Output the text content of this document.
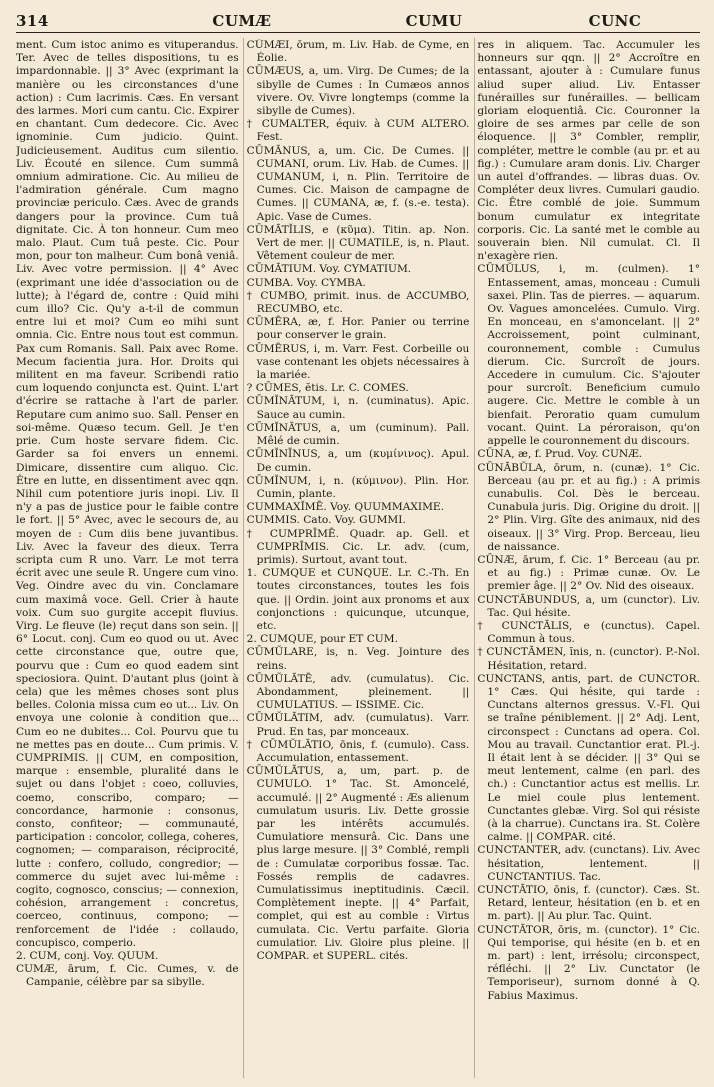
314	CUMÆ	CUMU	CUNC

ment. Cum istoc animo es vituperandus. Ter. Avec de telles dispositions, tu es impardonnable. || 3° Avec (exprimant la manière ou les circonstances d'une action) : Cum lacrimis. Cæs. En versant des larmes. Mori cum cantu. Cic. Expirer en chantant. Cum dedecore. Cic. Avec ignominie. Cum judicio. Quint. Judicieusement. Auditus cum silentio. Liv. Écouté en silence. Cum summâ omnium admiratione. Cic. Au milieu de l'admiration générale. Cum magno provinciæ periculo. Cæs. Avec de grands dangers pour la province. Cum tuâ dignitate. Cic. À ton honneur. Cum meo malo. Plaut. Cum tuâ peste. Cic. Pour mon, pour ton malheur. Cum bonâ veniâ. Liv. Avec votre permission. || 4° Avec (exprimant une idée d'association ou de lutte); à l'égard de, contre : Quid mihi cum illo? Cic. Qu'y a-t-il de commun entre lui et moi? Cum eo mihi sunt omnia. Cic. Entre nous tout est commun. Pax cum Romanis. Sall. Paix avec Rome. Mecum facientia jura. Hor. Droits qui militent en ma faveur. Scribendi ratio cum loquendo conjuncta est. Quint. L'art d'écrire se rattache à l'art de parler. Reputare cum animo suo. Sall. Penser en soi-même. Quæso tecum. Gell. Je t'en prie. Cum hoste servare fidem. Cic. Garder sa foi envers un ennemi. Dimicare, dissentire cum aliquo. Cic. Être en lutte, en dissentiment avec qqn. Nihil cum potentiore juris inopi. Liv. Il n'y a pas de justice pour le faible contre le fort. || 5° Avec, avec le secours de, au moyen de : Cum diis bene juvantibus. Liv. Avec la faveur des dieux. Terra scripta cum R uno. Varr. Le mot terra écrit avec une seule R. Ungere cum vino. Veg. Oindre avec du vin. Conclamare cum maximâ voce. Gell. Crier à haute voix. Cum suo gurgite accepit fluvius. Virg. Le fleuve (le) reçut dans son sein. || 6° Locut. conj. Cum eo quod ou ut. Avec cette circonstance que, outre que, pourvu que : Cum eo quod eadem sint speciosiora. Quint. D'autant plus (joint à cela) que les mêmes choses sont plus belles. Colonia missa cum eo ut... Liv. On envoya une colonie à condition que... Cum eo ne dubites... Col. Pourvu que tu ne mettes pas en doute... Cum primis. V. CUMPRIMIS. || CUM, en composition, marque : ensemble, pluralité dans le sujet ou dans l'objet : coeo, colluvies, coemo, conscribo, comparo; — concordance, harmonie : consonus, consto, confiteor; — communauté, participation : concolor, collega, coheres, cognomen; — comparaison, réciprocité, lutte : confero, colludo, congredior; — commerce du sujet avec lui-même : cogito, cognosco, conscius; — connexion, cohésion, arrangement : concretus, coerceo, continuus, compono; — renforcement de l'idée : collaudo, concupisco, comperio.

2. CUM, conj. Voy. QUUM.

CUMÆ, ārum, f. Cic. Cumes, v. de Campanie, célèbre par sa sibylle.

CŪMÆI, ōrum, m. Liv. Hab. de Cyme, en Éolie.

CŪMÆUS, a, um. Virg. De Cumes; de la sibylle de Cumes : In Cumæos annos vivere. Ov. Vivre longtemps (comme la sibylle de Cumes).

† CUMALTER, équiv. à CUM ALTERO. Fest.

CŪMĀNUS, a, um. Cic. De Cumes. || CUMANI, orum. Liv. Hab. de Cumes. || CUMANUM, i, n. Plin. Territoire de Cumes. Cic. Maison de campagne de Cumes. || CUMANA, æ, f. (s.-e. testa). Apic. Vase de Cumes.

CŪMĀTĬLIS, e (κῦμα). Titin. ap. Non. Vert de mer. || CUMATILE, is, n. Plaut. Vêtement couleur de mer.

CŪMĀTIUM. Voy. CYMATIUM.

CUMBA. Voy. CYMBA.

† CUMBO, primit. inus. de ACCUMBO, RECUMBO, etc.

CŪMĒRA, æ, f. Hor. Panier ou terrine pour conserver le grain.

CŪMĒRUS, i, m. Varr. Fest. Corbeille ou vase contenant les objets nécessaires à la mariée.

? CŪMES, ĕtis. Lr. C. COMES.

CŪMĬNĀTUM, i, n. (cuminatus). Apic. Sauce au cumin.

CŪMĬNĀTUS, a, um (cuminum). Pall. Mêlé de cumin.

CŪMĬNĪNUS, a, um (κυμίνινος). Apul. De cumin.

CŪMĬNUM, i, n. (κύμινον). Plin. Hor. Cumin, plante.

CUMMAXĬMĒ. Voy. QUUMMAXIME.

CUMMIS. Cato. Voy. GUMMI.

† CUMPRĪMĒ. Quadr. ap. Gell. et CUMPRĪMIS. Cic. Lr. adv. (cum, primis). Surtout, avant tout.

1. CUMQUE et CUNQUE. Lr. C.-Th. En toutes circonstances, toutes les fois que. || Ordin. joint aux pronoms et aux conjonctions : quicunque, utcunque, etc.

2. CUMQUE, pour ET CUM.

CŪMŬLARE, is, n. Veg. Jointure des reins.

CŪMŬLĀTĒ, adv. (cumulatus). Cic. Abondamment, pleinement. || CUMULATIUS. — ISSIME. Cic.

CŪMŬLĀTIM, adv. (cumulatus). Varr. Prud. En tas, par monceaux.

† CŪMŬLĀTIO, ōnis, f. (cumulo). Cass. Accumulation, entassement.

CŪMŬLĀTUS, a, um, part. p. de CUMULO. 1° Tac. St. Amoncelé, accumulé. || 2° Augmenté : Æs alienum cumulatum usuris. Liv. Dette grossie par les intérêts accumulés. Cumulatiore mensurâ. Cic. Dans une plus large mesure. || 3° Comblé, rempli de : Cumulatæ corporibus fossæ. Tac. Fossés remplis de cadavres. Cumulatissimus ineptitudinis. Cæcil. Complètement inepte. || 4° Parfait, complet, qui est au comble : Virtus cumulata. Cic. Vertu parfaite. Gloria cumulatior. Liv. Gloire plus pleine. || COMPAR. et SUPERL. cités.

res in aliquem. Tac. Accumuler les honneurs sur qqn. || 2° Accroître en entassant, ajouter à : Cumulare funus aliud super aliud. Liv. Entasser funérailles sur funérailles. — bellicam gloriam eloquentiâ. Cic. Couronner la gloire de ses armes par celle de son éloquence. || 3° Combler, remplir, compléter, mettre le comble (au pr. et au fig.) : Cumulare aram donis. Liv. Charger un autel d'offrandes. — libras duas. Ov. Compléter deux livres. Cumulari gaudio. Cic. Être comblé de joie. Summum bonum cumulatur ex integritate corporis. Cic. La santé met le comble au souverain bien. Nil cumulat. Cl. Il n'exagère rien.

CŪMŬLUS, i, m. (culmen). 1° Entassement, amas, monceau : Cumuli saxei. Plin. Tas de pierres. — aquarum. Ov. Vagues amoncelées. Cumulo. Virg. En monceau, en s'amoncelant. || 2° Accroissement, point culminant, couronnement, comble : Cumulus dierum. Cic. Surcroît de jours. Accedere in cumulum. Cic. S'ajouter pour surcroît. Beneficium cumulo augere. Cic. Mettre le comble à un bienfait. Peroratio quam cumulum vocant. Quint. La péroraison, qu'on appelle le couronnement du discours.

CŪNA, æ, f. Prud. Voy. CUNÆ.

CŪNĀBŬLA, ōrum, n. (cunæ). 1° Cic. Berceau (au pr. et au fig.) : A primis cunabulis. Col. Dès le berceau. Cunabula juris. Dig. Origine du droit. || 2° Plin. Virg. Gîte des animaux, nid des oiseaux. || 3° Virg. Prop. Berceau, lieu de naissance.

CŪNÆ, ārum, f. Cic. 1° Berceau (au pr. et au fig.) : Primæ cunæ. Ov. Le premier âge. || 2° Ov. Nid des oiseaux.

CUNCTĀBUNDUS, a, um (cunctor). Liv. Tac. Qui hésite.

† CUNCTĀLIS, e (cunctus). Capel. Commun à tous.

† CUNCTĀMEN, ĭnis, n. (cunctor). P.-Nol. Hésitation, retard.

CUNCTANS, antis, part. de CUNCTOR. 1° Cæs. Qui hésite, qui tarde : Cunctans alternos gressus. V.-Fl. Qui se traîne péniblement. || 2° Adj. Lent, circonspect : Cunctans ad opera. Col. Mou au travail. Cunctantior erat. Pl.-j. Il était lent à se décider. || 3° Qui se meut lentement, calme (en parl. des ch.) : Cunctantior actus est mellis. Lr. Le miel coule plus lentement. Cunctantes glebæ. Virg. Sol qui résiste (à la charrue). Cunctans ira. St. Colère calme. || COMPAR. cité.

CUNCTANTER, adv. (cunctans). Liv. Avec hésitation, lentement. || CUNCTANTIUS. Tac.

CUNCTĀTIO, ōnis, f. (cunctor). Cæs. St. Retard, lenteur, hésitation (en b. et en m. part). || Au plur. Tac. Quint.

CUNCTĀTOR, ōris, m. (cunctor). 1° Cic. Qui temporise, qui hésite (en b. et en m. part) : lent, irrésolu; circonspect, réfléchi. || 2° Liv. Cunctator (le Temporiseur), surnom donné à Q. Fabius Maximus.
